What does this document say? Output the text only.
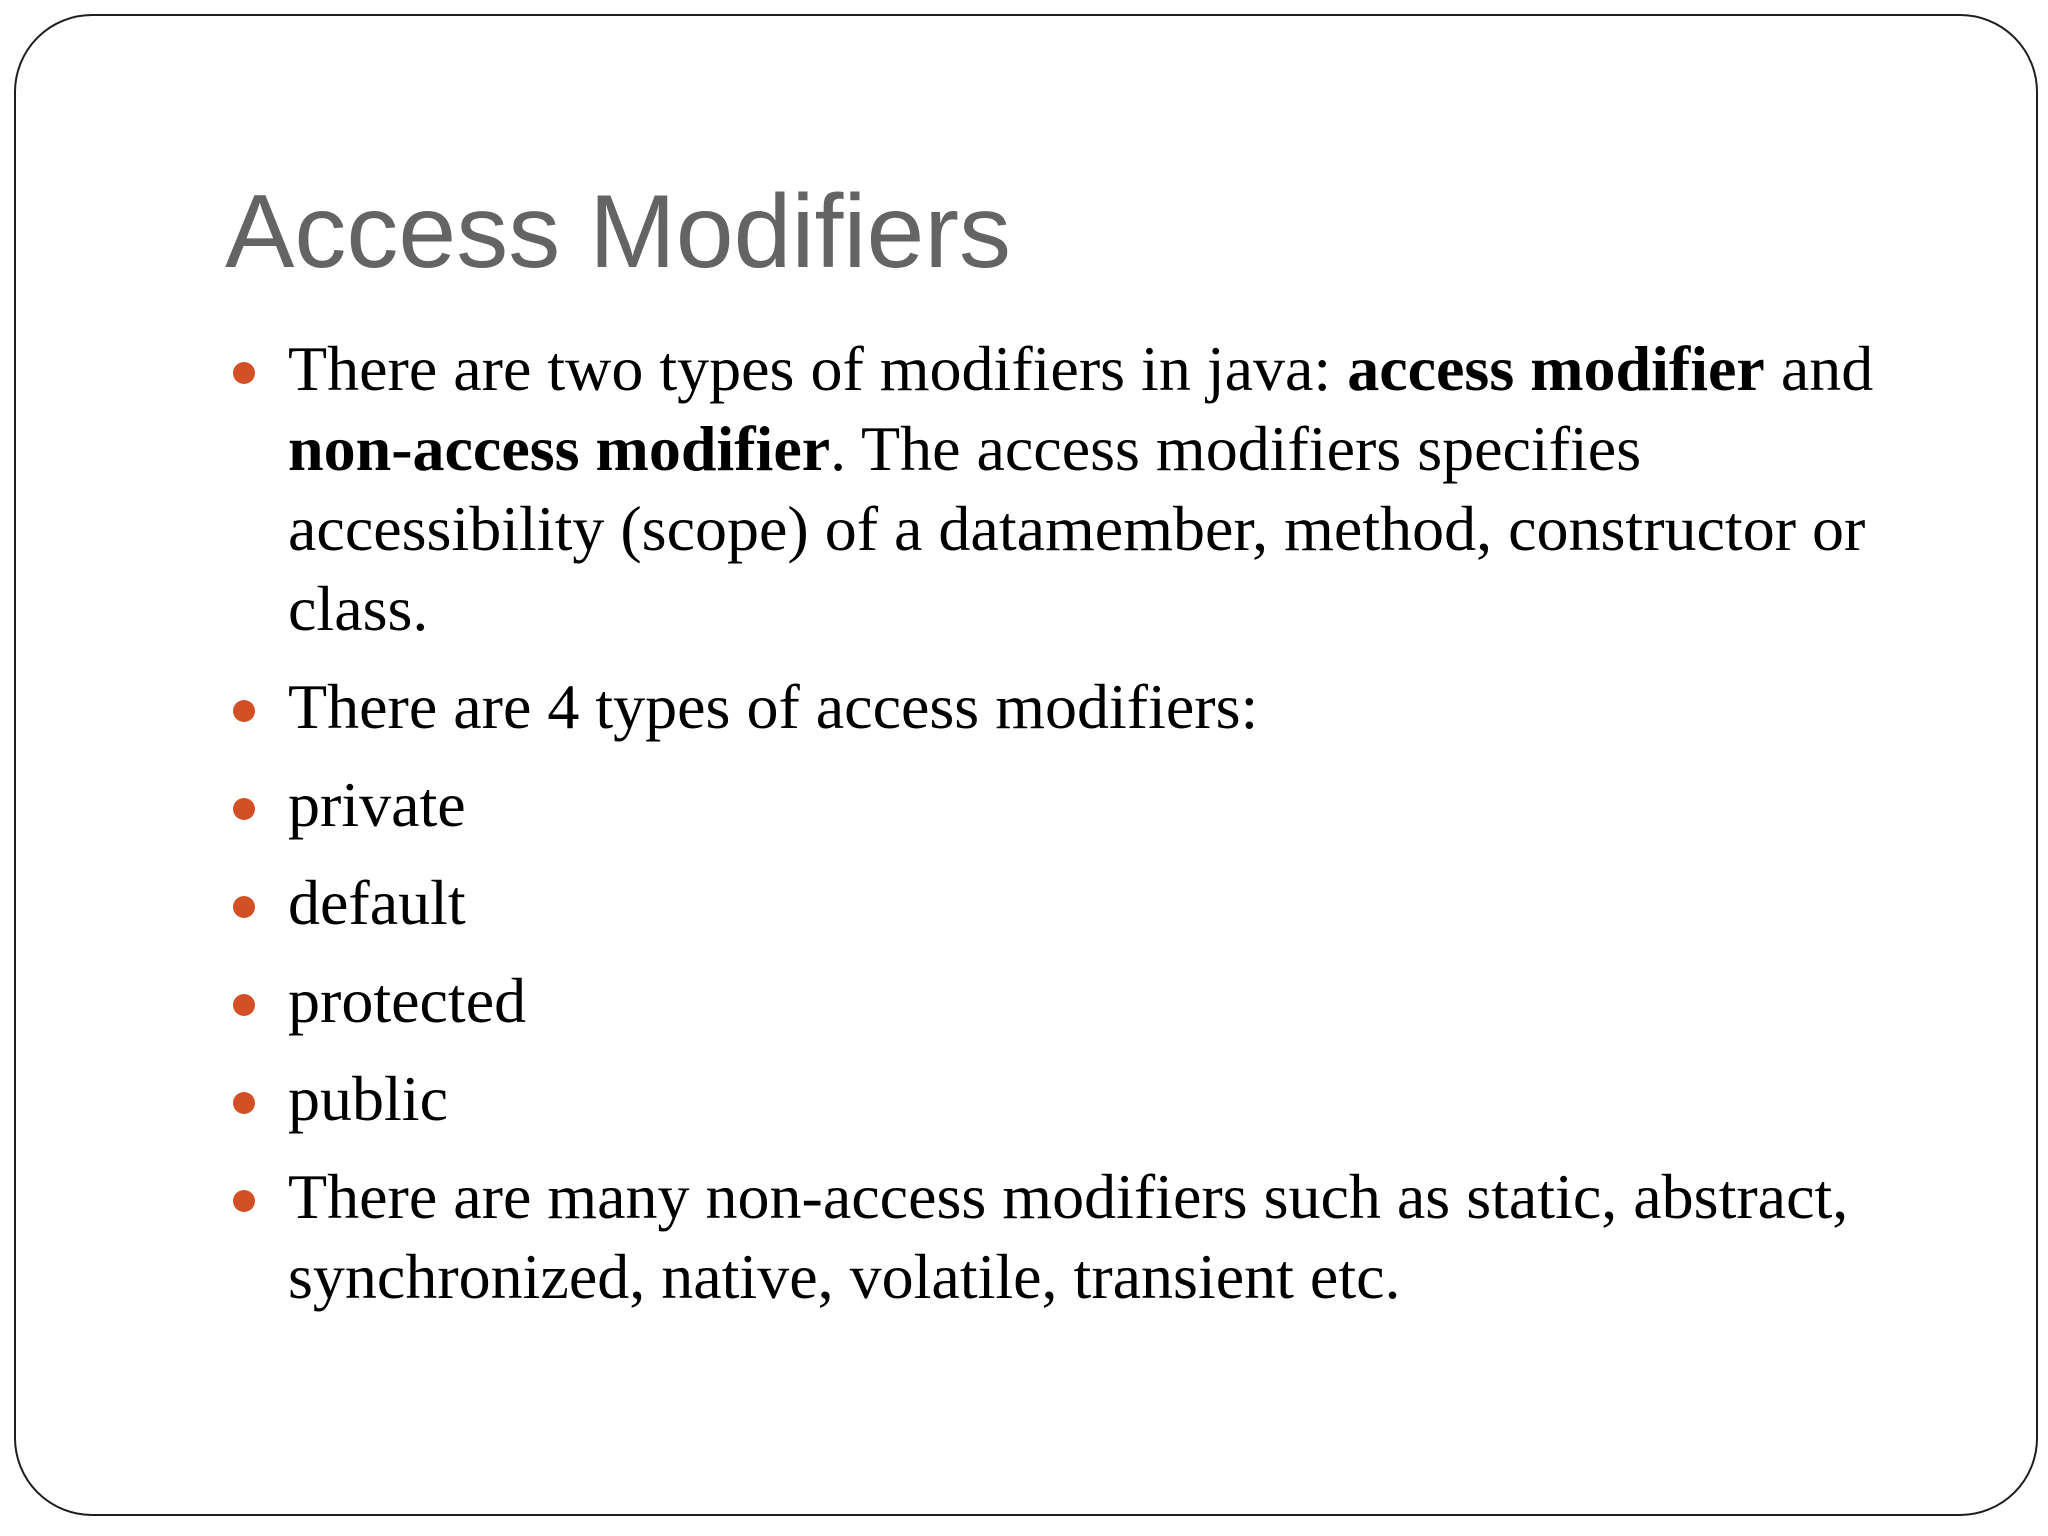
Access Modifiers
There are two types of modifiers in java: access modifier and non-access modifier. The access modifiers specifies accessibility (scope) of a datamember, method, constructor or class.
There are 4 types of access modifiers:
private
default
protected
public
There are many non-access modifiers such as static, abstract, synchronized, native, volatile, transient etc.
